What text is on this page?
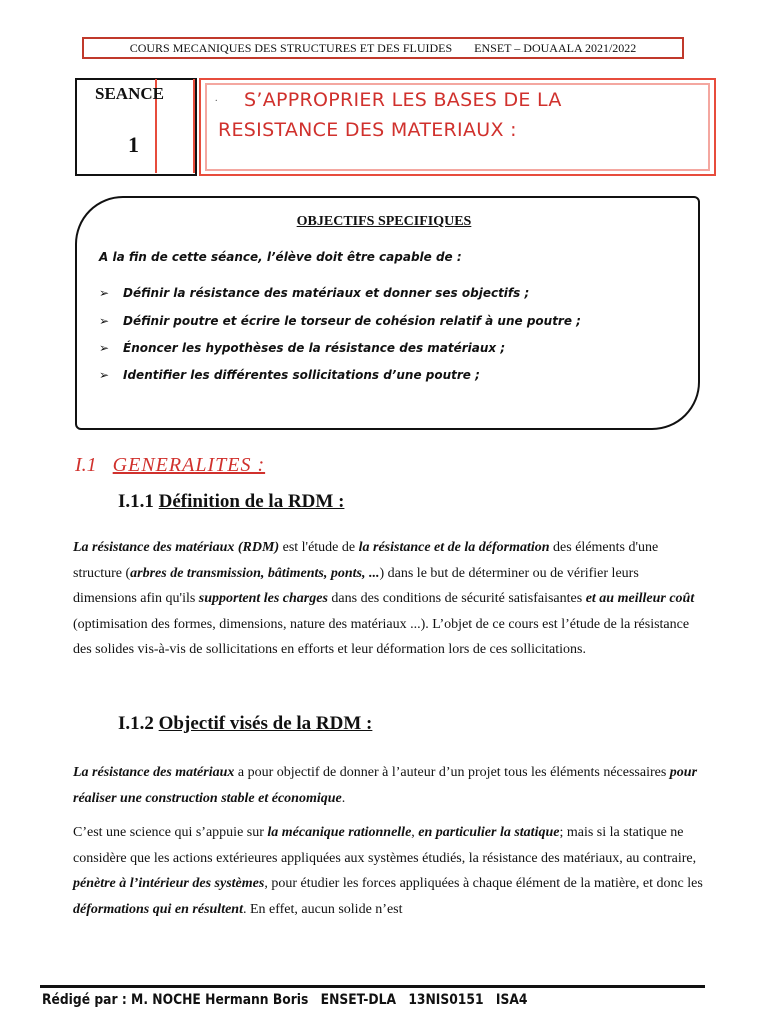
COURS MECANIQUES DES STRUCTURES ET DES FLUIDES ENSET – DOUAALA 2021/2022
SEANCE
1
. S’APPROPRIER LES BASES DE LA
RESISTANCE DES MATERIAUX :
OBJECTIFS SPECIFIQUES
A la fin de cette séance, l’élève doit être capable de :
➢ Définir la résistance des matériaux et donner ses objectifs ;
➢ Définir poutre et écrire le torseur de cohésion relatif à une poutre ;
➢ Énoncer les hypothèses de la résistance des matériaux ;
➢ Identifier les différentes sollicitations d’une poutre ;
I.1 GENERALITES :
I.1.1 Définition de la RDM :

La résistance des matériaux (RDM) est l'étude de la résistance et de la déformation des éléments d'une structure (arbres de transmission, bâtiments, ponts, ...) dans le but de déterminer ou de vérifier leurs dimensions afin qu'ils supportent les charges dans des conditions de sécurité satisfaisantes et au meilleur coût (optimisation des formes, dimensions, nature des matériaux ...). L’objet de ce cours est l’étude de la résistance des solides vis-à-vis de sollicitations en efforts et leur déformation lors de ces sollicitations.

I.1.2 Objectif visés de la RDM :

La résistance des matériaux a pour objectif de donner à l’auteur d’un projet tous les éléments nécessaires pour réaliser une construction stable et économique.

C’est une science qui s’appuie sur la mécanique rationnelle, en particulier la statique; mais si la statique ne considère que les actions extérieures appliquées aux systèmes étudiés, la résistance des matériaux, au contraire, pénètre à l’intérieur des systèmes, pour étudier les forces appliquées à chaque élément de la matière, et donc les déformations qui en résultent. En effet, aucun solide n’est

Rédigé par : M. NOCHE Hermann Boris ENSET-DLA 13NIS0151 ISA4
